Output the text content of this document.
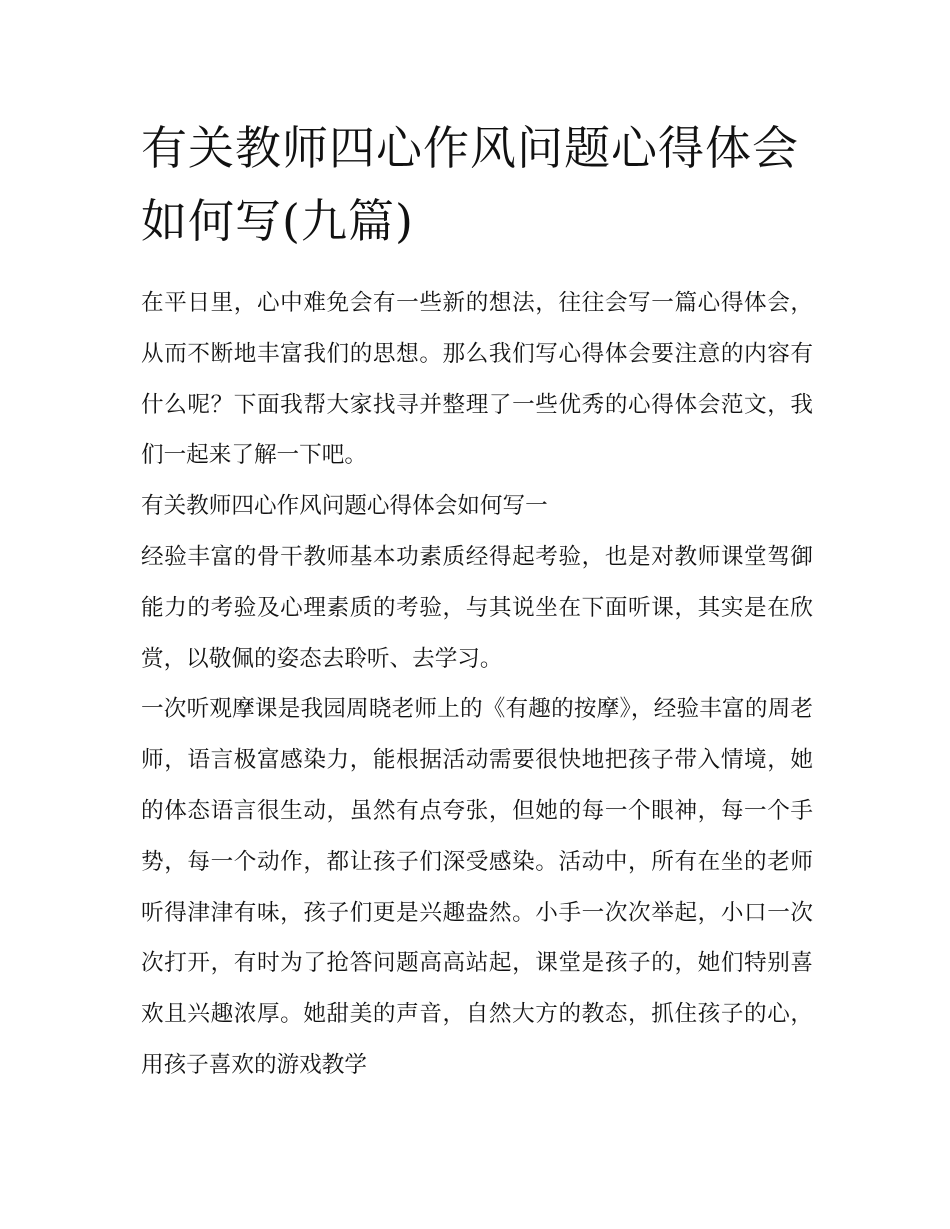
有关教师四心作风问题心得体会如何写(九篇)

在平日里，心中难免会有一些新的想法，往往会写一篇心得体会，从而不断地丰富我们的思想。那么我们写心得体会要注意的内容有什么呢？下面我帮大家找寻并整理了一些优秀的心得体会范文，我们一起来了解一下吧。

有关教师四心作风问题心得体会如何写一

经验丰富的骨干教师基本功素质经得起考验，也是对教师课堂驾御能力的考验及心理素质的考验，与其说坐在下面听课，其实是在欣赏，以敬佩的姿态去聆听、去学习。

一次听观摩课是我园周晓老师上的《有趣的按摩》，经验丰富的周老师，语言极富感染力，能根据活动需要很快地把孩子带入情境，她的体态语言很生动，虽然有点夸张，但她的每一个眼神，每一个手势，每一个动作，都让孩子们深受感染。活动中，所有在坐的老师听得津津有味，孩子们更是兴趣盎然。小手一次次举起，小口一次次打开，有时为了抢答问题高高站起，课堂是孩子的，她们特别喜欢且兴趣浓厚。她甜美的声音，自然大方的教态，抓住孩子的心，用孩子喜欢的游戏教学
